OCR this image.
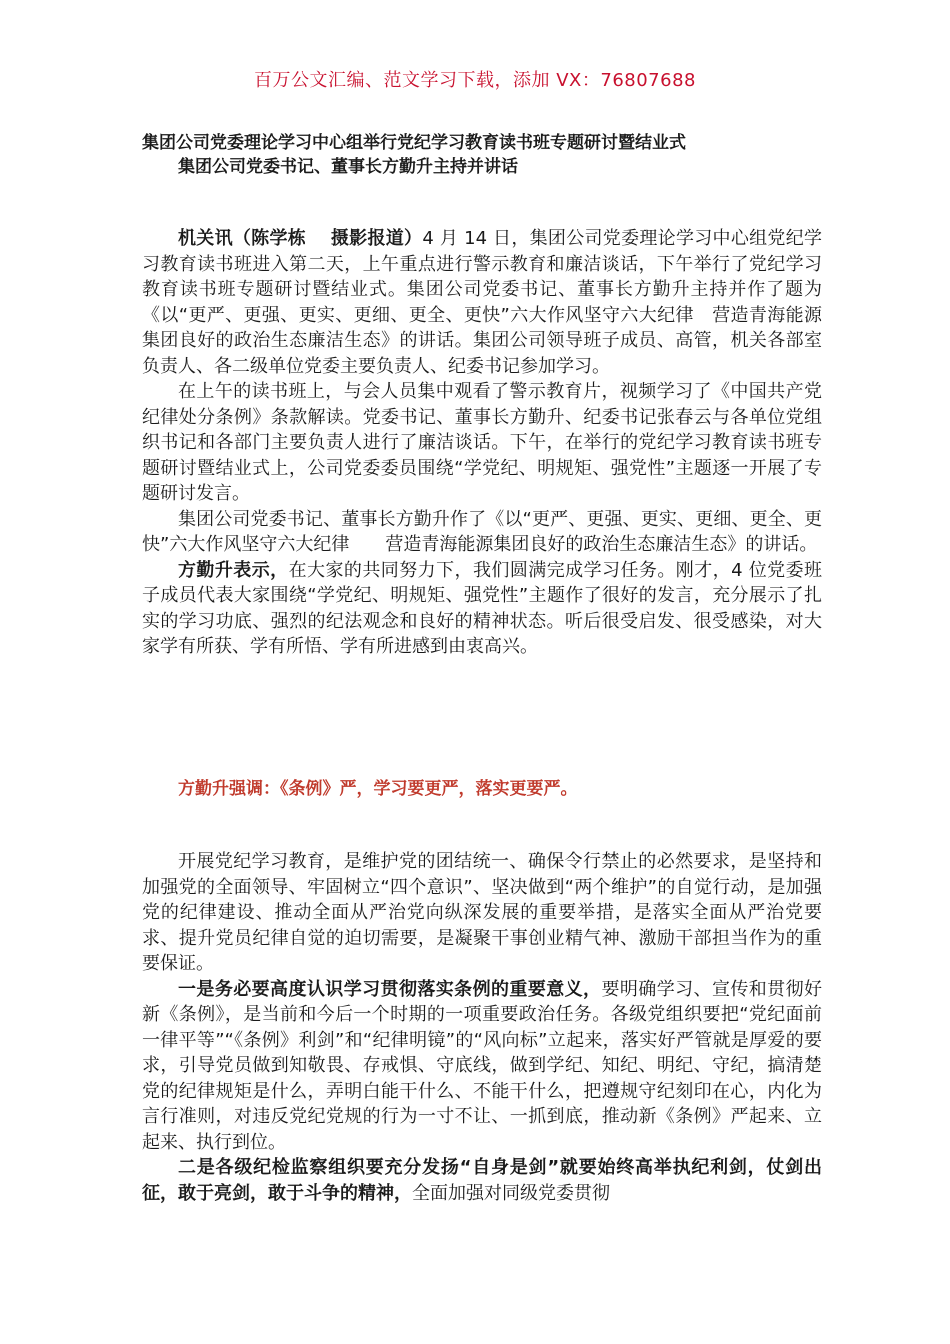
百万公文汇编、范文学习下载，添加 VX：76807688
集团公司党委理论学习中心组举行党纪学习教育读书班专题研讨暨结业式
集团公司党委书记、董事长方勤升主持并讲话

机关讯（陈学栋　 摄影报道）4 月 14 日，集团公司党委理论学习中心组党纪学习教育读书班进入第二天，上午重点进行警示教育和廉洁谈话，下午举行了党纪学习教育读书班专题研讨暨结业式。集团公司党委书记、董事长方勤升主持并作了题为《以“更严、更强、更实、更细、更全、更快”六大作风坚守六大纪律　营造青海能源集团良好的政治生态廉洁生态》的讲话。集团公司领导班子成员、高管，机关各部室负责人、各二级单位党委主要负责人、纪委书记参加学习。

在上午的读书班上，与会人员集中观看了警示教育片，视频学习了《中国共产党纪律处分条例》条款解读。党委书记、董事长方勤升、纪委书记张春云与各单位党组织书记和各部门主要负责人进行了廉洁谈话。下午，在举行的党纪学习教育读书班专题研讨暨结业式上，公司党委委员围绕“学党纪、明规矩、强党性”主题逐一开展了专题研讨发言。

集团公司党委书记、董事长方勤升作了《以“更严、更强、更实、更细、更全、更快”六大作风坚守六大纪律　　营造青海能源集团良好的政治生态廉洁生态》的讲话。

方勤升表示，在大家的共同努力下，我们圆满完成学习任务。刚才，4 位党委班子成员代表大家围绕“学党纪、明规矩、强党性”主题作了很好的发言，充分展示了扎实的学习功底、强烈的纪法观念和良好的精神状态。听后很受启发、很受感染，对大家学有所获、学有所悟、学有所进感到由衷高兴。

方勤升强调：《条例》严，学习要更严，落实更要严。

开展党纪学习教育，是维护党的团结统一、确保令行禁止的必然要求，是坚持和加强党的全面领导、牢固树立“四个意识”、坚决做到“两个维护”的自觉行动，是加强党的纪律建设、推动全面从严治党向纵深发展的重要举措，是落实全面从严治党要求、提升党员纪律自觉的迫切需要，是凝聚干事创业精气神、激励干部担当作为的重要保证。

一是务必要高度认识学习贯彻落实条例的重要意义，要明确学习、宣传和贯彻好新《条例》，是当前和今后一个时期的一项重要政治任务。各级党组织要把“党纪面前一律平等”“《条例》利剑”和“纪律明镜”的“风向标”立起来，落实好严管就是厚爱的要求，引导党员做到知敬畏、存戒惧、守底线，做到学纪、知纪、明纪、守纪，搞清楚党的纪律规矩是什么，弄明白能干什么、不能干什么，把遵规守纪刻印在心，内化为言行准则，对违反党纪党规的行为一寸不让、一抓到底，推动新《条例》严起来、立起来、执行到位。

二是各级纪检监察组织要充分发扬“自身是剑”就要始终高举执纪利剑，仗剑出征，敢于亮剑，敢于斗争的精神，全面加强对同级党委贯彻
